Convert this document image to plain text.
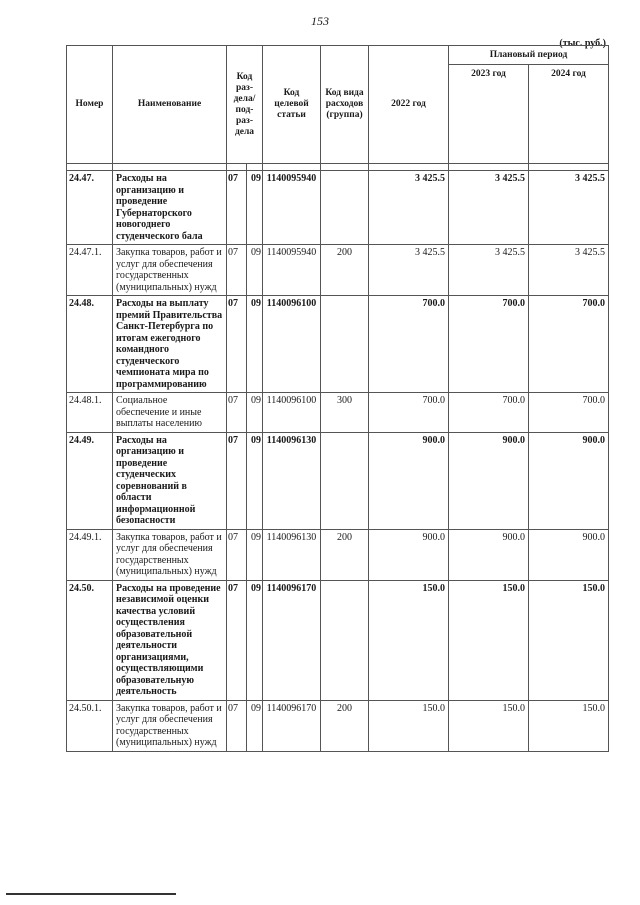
153
(тыс. руб.)
Номер	Наименование	Код раз-дела/ под-раз-дела		Код целевой статьи	Код вида расходов (группа)	2022 год	Плановый период	
							2023 год	2024 год

24.47.	Расходы на организацию и проведение Губернаторского новогоднего студенческого бала	07	09	1140095940		3 425.5	3 425.5	3 425.5
24.47.1.	Закупка товаров, работ и услуг для обеспечения государственных (муниципальных) нужд	07	09	1140095940	200	3 425.5	3 425.5	3 425.5
24.48.	Расходы на выплату премий Правительства Санкт-Петербурга по итогам ежегодного командного студенческого чемпионата мира по программированию	07	09	1140096100		700.0	700.0	700.0
24.48.1.	Социальное обеспечение и иные выплаты населению	07	09	1140096100	300	700.0	700.0	700.0
24.49.	Расходы на организацию и проведение студенческих соревнований в области информационной безопасности	07	09	1140096130		900.0	900.0	900.0
24.49.1.	Закупка товаров, работ и услуг для обеспечения государственных (муниципальных) нужд	07	09	1140096130	200	900.0	900.0	900.0
24.50.	Расходы на проведение независимой оценки качества условий осуществления образовательной деятельности организациями, осуществляющими образовательную деятельность	07	09	1140096170		150.0	150.0	150.0
24.50.1.	Закупка товаров, работ и услуг для обеспечения государственных (муниципальных) нужд	07	09	1140096170	200	150.0	150.0	150.0
